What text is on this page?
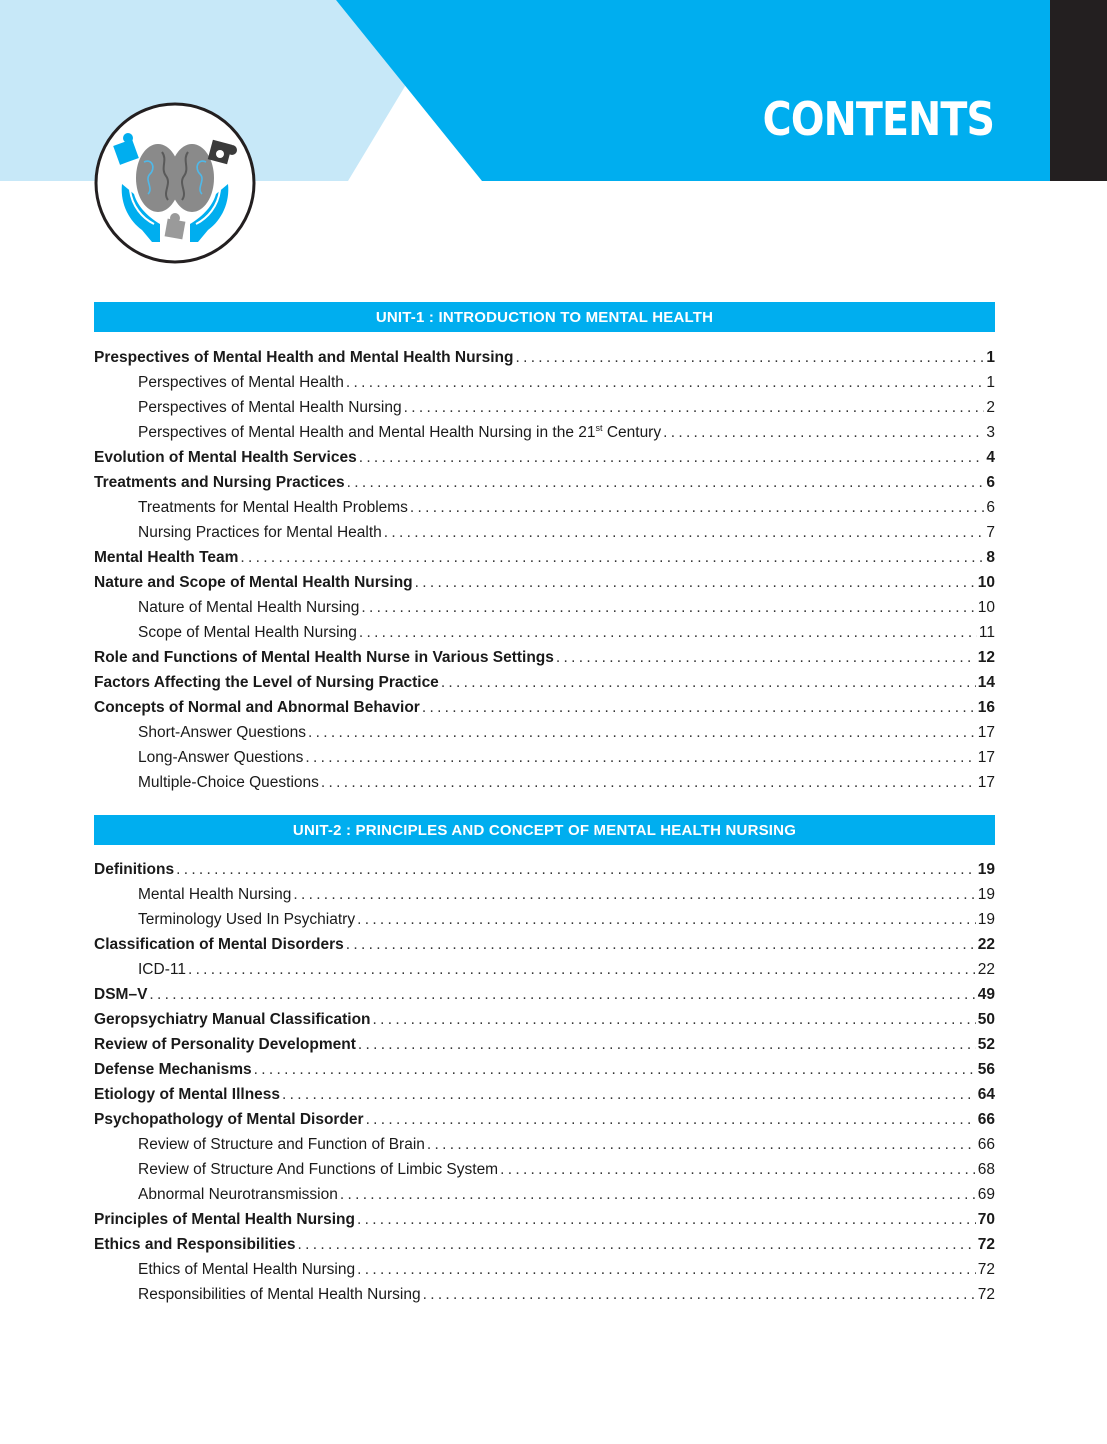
CONTENTS
UNIT-1 : INTRODUCTION TO MENTAL HEALTH
Prespectives of Mental Health and Mental Health Nursing . . .	1
Perspectives of Mental Health . . .	1
Perspectives of Mental Health Nursing . . .	2
Perspectives of Mental Health and Mental Health Nursing in the 21st Century . . .	3
Evolution of Mental Health Services . . .	4
Treatments and Nursing Practices . . .	6
Treatments for Mental Health Problems . . .	6
Nursing Practices for Mental Health . . .	7
Mental Health Team . . .	8
Nature and Scope of Mental Health Nursing . . .	10
Nature of Mental Health Nursing . . .	10
Scope of Mental Health Nursing . . .	11
Role and Functions of Mental Health Nurse in Various Settings . . .	12
Factors Affecting the Level of Nursing Practice . . .	14
Concepts of Normal and Abnormal Behavior . . .	16
Short-Answer Questions . . .	17
Long-Answer Questions . . .	17
Multiple-Choice Questions . . .	17
UNIT-2 : PRINCIPLES AND CONCEPT OF MENTAL HEALTH NURSING
Definitions . . .	19
Mental Health Nursing . . .	19
Terminology Used In Psychiatry . . .	19
Classification of Mental Disorders . . .	22
ICD-11 . . .	22
DSM–V . . .	49
Geropsychiatry Manual Classification . . .	50
Review of Personality Development . . .	52
Defense Mechanisms . . .	56
Etiology of Mental Illness . . .	64
Psychopathology of Mental Disorder . . .	66
Review of Structure and Function of Brain . . .	66
Review of Structure And Functions of Limbic System . . .	68
Abnormal Neurotransmission . . .	69
Principles of Mental Health Nursing . . .	70
Ethics and Responsibilities . . .	72
Ethics of Mental Health Nursing . . .	72
Responsibilities of Mental Health Nursing . . .	72
